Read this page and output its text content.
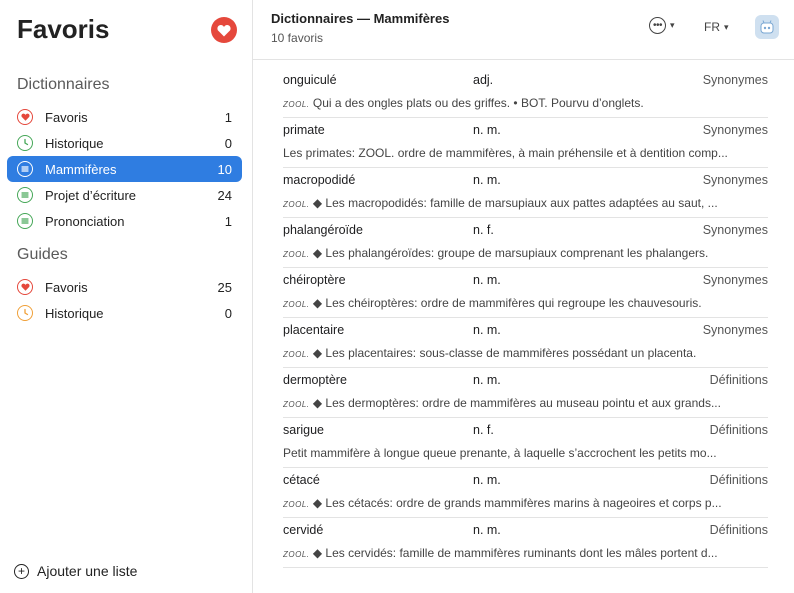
Favoris
Dictionnaires
Favoris	1
Historique	0
Mammifères	10
Projet d’écriture	24
Prononciation	1
Guides
Favoris	25
Historique	0
+ Ajouter une liste
Dictionnaires — Mammifères
10 favoris
••• ▾ FR ▾
onguiculé	adj.	Synonymes
ZOOL. Qui a des ongles plats ou des griffes. • BOT. Pourvu d’onglets.
primate	n. m.	Synonymes
Les primates: ZOOL. ordre de mammifères, à main préhensile et à dentition comp...
macropodidé	n. m.	Synonymes
ZOOL. ◆ Les macropodidés: famille de marsupiaux aux pattes adaptées au saut, ...
phalangéroïde	n. f.	Synonymes
ZOOL. ◆ Les phalangéroïdes: groupe de marsupiaux comprenant les phalangers.
chéiroptère	n. m.	Synonymes
ZOOL. ◆ Les chéiroptères: ordre de mammifères qui regroupe les chauvesouris.
placentaire	n. m.	Synonymes
ZOOL. ◆ Les placentaires: sous-classe de mammifères possédant un placenta.
dermoptère	n. m.	Définitions
ZOOL. ◆ Les dermoptères: ordre de mammifères au museau pointu et aux grands...
sarigue	n. f.	Définitions
Petit mammifère à longue queue prenante, à laquelle s’accrochent les petits mo...
cétacé	n. m.	Définitions
ZOOL. ◆ Les cétacés: ordre de grands mammifères marins à nageoires et corps p...
cervidé	n. m.	Définitions
ZOOL. ◆ Les cervidés: famille de mammifères ruminants dont les mâles portent d...
